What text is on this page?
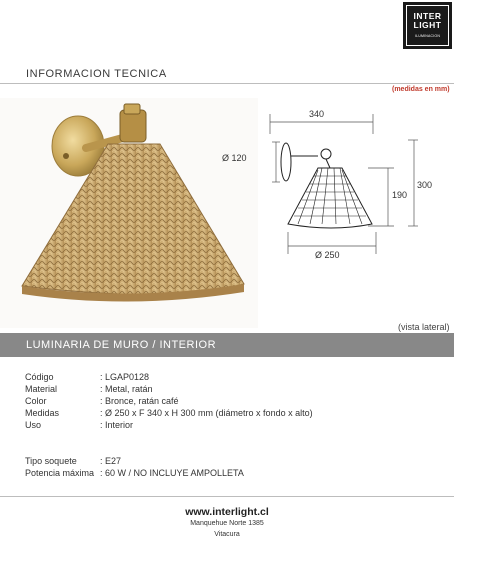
INTER
LIGHT
ILUMINACION
INFORMACION TECNICA
(medidas en mm)
340
Ø 120
190
300
Ø 250
(vista lateral)
LUMINARIA DE MURO / INTERIOR
Código	: LGAP0128
Material	: Metal, ratán
Color	: Bronce, ratán café
Medidas	: Ø 250 x F 340 x H 300 mm (diámetro x fondo x alto)
Uso	: Interior
Tipo soquete	: E27
Potencia máxima : 60 W / NO INCLUYE AMPOLLETA
www.interlight.cl
Manquehue Norte 1385
Vitacura
